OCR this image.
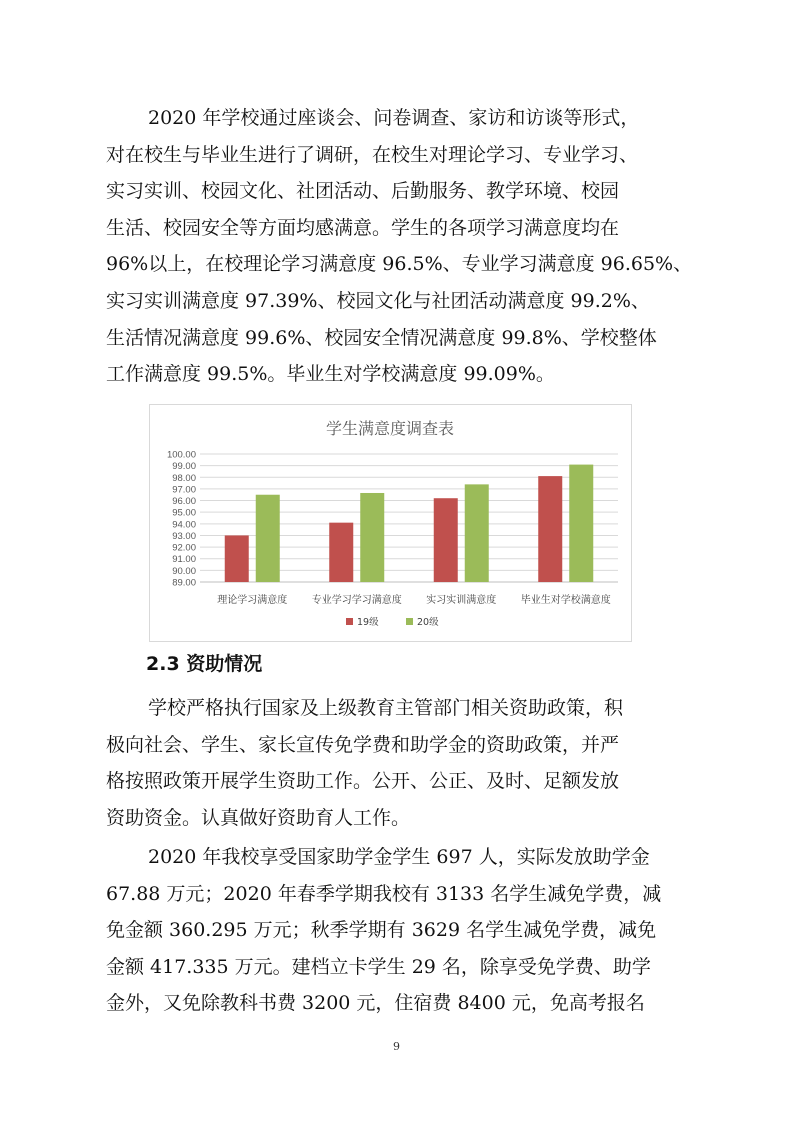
2020 年学校通过座谈会、问卷调查、家访和访谈等形式，
对在校生与毕业生进行了调研，在校生对理论学习、专业学习、
实习实训、校园文化、社团活动、后勤服务、教学环境、校园
生活、校园安全等方面均感满意。学生的各项学习满意度均在
96%以上，在校理论学习满意度 96.5%、专业学习满意度 96.65%、
实习实训满意度 97.39%、校园文化与社团活动满意度 99.2%、
生活情况满意度 99.6%、校园安全情况满意度 99.8%、学校整体
工作满意度 99.5%。毕业生对学校满意度 99.09%。
学生满意度调查表
89.00
90.00
91.00
92.00
93.00
94.00
95.00
96.00
97.00
98.00
99.00
100.00
理论学习满意度 专业学习学习满意度 实习实训满意度 毕业生对学校满意度
19级	20级
2.3 资助情况
学校严格执行国家及上级教育主管部门相关资助政策，积
极向社会、学生、家长宣传免学费和助学金的资助政策，并严
格按照政策开展学生资助工作。公开、公正、及时、足额发放
资助资金。认真做好资助育人工作。
2020 年我校享受国家助学金学生 697 人，实际发放助学金
67.88 万元；2020 年春季学期我校有 3133 名学生减免学费，减
免金额 360.295 万元；秋季学期有 3629 名学生减免学费，减免
金额 417.335 万元。建档立卡学生 29 名，除享受免学费、助学
金外，又免除教科书费 3200 元，住宿费 8400 元，免高考报名
9
